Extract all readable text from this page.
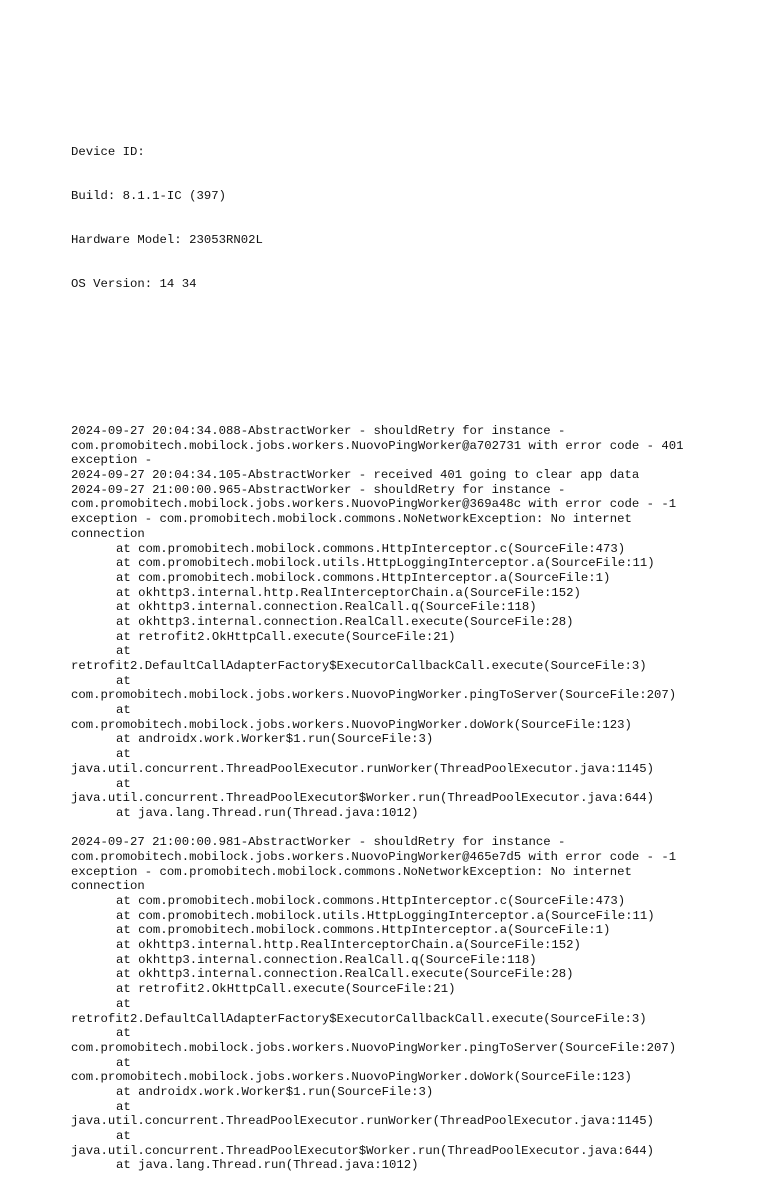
Device ID:

Build: 8.1.1-IC (397)

Hardware Model: 23053RN02L

OS Version: 14 34

2024-09-27 20:04:34.088-AbstractWorker - shouldRetry for instance -
com.promobitech.mobilock.jobs.workers.NuovoPingWorker@a702731 with error code - 401
exception -
2024-09-27 20:04:34.105-AbstractWorker - received 401 going to clear app data
2024-09-27 21:00:00.965-AbstractWorker - shouldRetry for instance -
com.promobitech.mobilock.jobs.workers.NuovoPingWorker@369a48c with error code - -1
exception - com.promobitech.mobilock.commons.NoNetworkException: No internet
connection
at com.promobitech.mobilock.commons.HttpInterceptor.c(SourceFile:473)
at com.promobitech.mobilock.utils.HttpLoggingInterceptor.a(SourceFile:11)
at com.promobitech.mobilock.commons.HttpInterceptor.a(SourceFile:1)
at okhttp3.internal.http.RealInterceptorChain.a(SourceFile:152)
at okhttp3.internal.connection.RealCall.q(SourceFile:118)
at okhttp3.internal.connection.RealCall.execute(SourceFile:28)
at retrofit2.OkHttpCall.execute(SourceFile:21)
at
retrofit2.DefaultCallAdapterFactory$ExecutorCallbackCall.execute(SourceFile:3)
at
com.promobitech.mobilock.jobs.workers.NuovoPingWorker.pingToServer(SourceFile:207)
at
com.promobitech.mobilock.jobs.workers.NuovoPingWorker.doWork(SourceFile:123)
at androidx.work.Worker$1.run(SourceFile:3)
at
java.util.concurrent.ThreadPoolExecutor.runWorker(ThreadPoolExecutor.java:1145)
at
java.util.concurrent.ThreadPoolExecutor$Worker.run(ThreadPoolExecutor.java:644)
at java.lang.Thread.run(Thread.java:1012)
2024-09-27 21:00:00.981-AbstractWorker - shouldRetry for instance -
com.promobitech.mobilock.jobs.workers.NuovoPingWorker@465e7d5 with error code - -1
exception - com.promobitech.mobilock.commons.NoNetworkException: No internet
connection
at com.promobitech.mobilock.commons.HttpInterceptor.c(SourceFile:473)
at com.promobitech.mobilock.utils.HttpLoggingInterceptor.a(SourceFile:11)
at com.promobitech.mobilock.commons.HttpInterceptor.a(SourceFile:1)
at okhttp3.internal.http.RealInterceptorChain.a(SourceFile:152)
at okhttp3.internal.connection.RealCall.q(SourceFile:118)
at okhttp3.internal.connection.RealCall.execute(SourceFile:28)
at retrofit2.OkHttpCall.execute(SourceFile:21)
at
retrofit2.DefaultCallAdapterFactory$ExecutorCallbackCall.execute(SourceFile:3)
at
com.promobitech.mobilock.jobs.workers.NuovoPingWorker.pingToServer(SourceFile:207)
at
com.promobitech.mobilock.jobs.workers.NuovoPingWorker.doWork(SourceFile:123)
at androidx.work.Worker$1.run(SourceFile:3)
at
java.util.concurrent.ThreadPoolExecutor.runWorker(ThreadPoolExecutor.java:1145)
at
java.util.concurrent.ThreadPoolExecutor$Worker.run(ThreadPoolExecutor.java:644)
at java.lang.Thread.run(Thread.java:1012)
